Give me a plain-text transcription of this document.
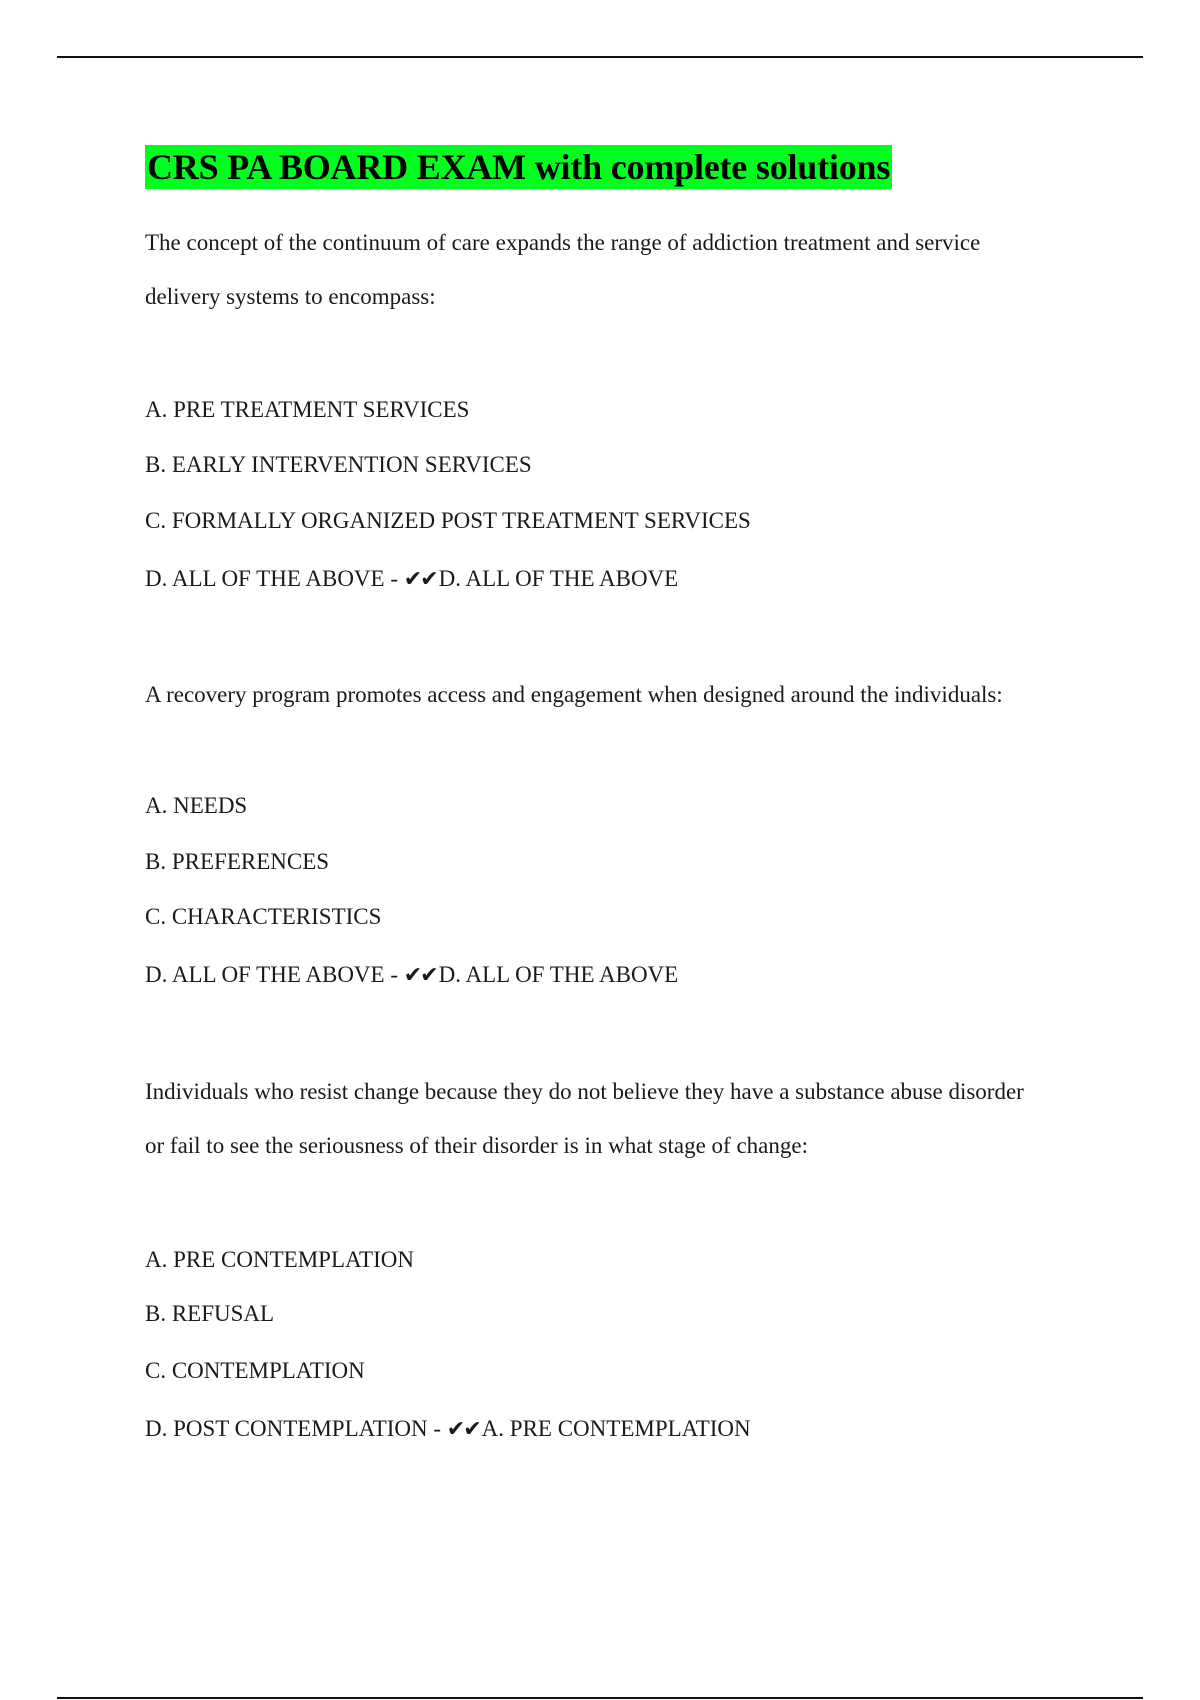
CRS PA BOARD EXAM with complete solutions
The concept of the continuum of care expands the range of addiction treatment and service
delivery systems to encompass:
A. PRE TREATMENT SERVICES
B. EARLY INTERVENTION SERVICES
C. FORMALLY ORGANIZED POST TREATMENT SERVICES
D. ALL OF THE ABOVE - ✔✔D. ALL OF THE ABOVE
A recovery program promotes access and engagement when designed around the individuals:
A. NEEDS
B. PREFERENCES
C. CHARACTERISTICS
D. ALL OF THE ABOVE - ✔✔D. ALL OF THE ABOVE
Individuals who resist change because they do not believe they have a substance abuse disorder
or fail to see the seriousness of their disorder is in what stage of change:
A. PRE CONTEMPLATION
B. REFUSAL
C. CONTEMPLATION
D. POST CONTEMPLATION - ✔✔A. PRE CONTEMPLATION
